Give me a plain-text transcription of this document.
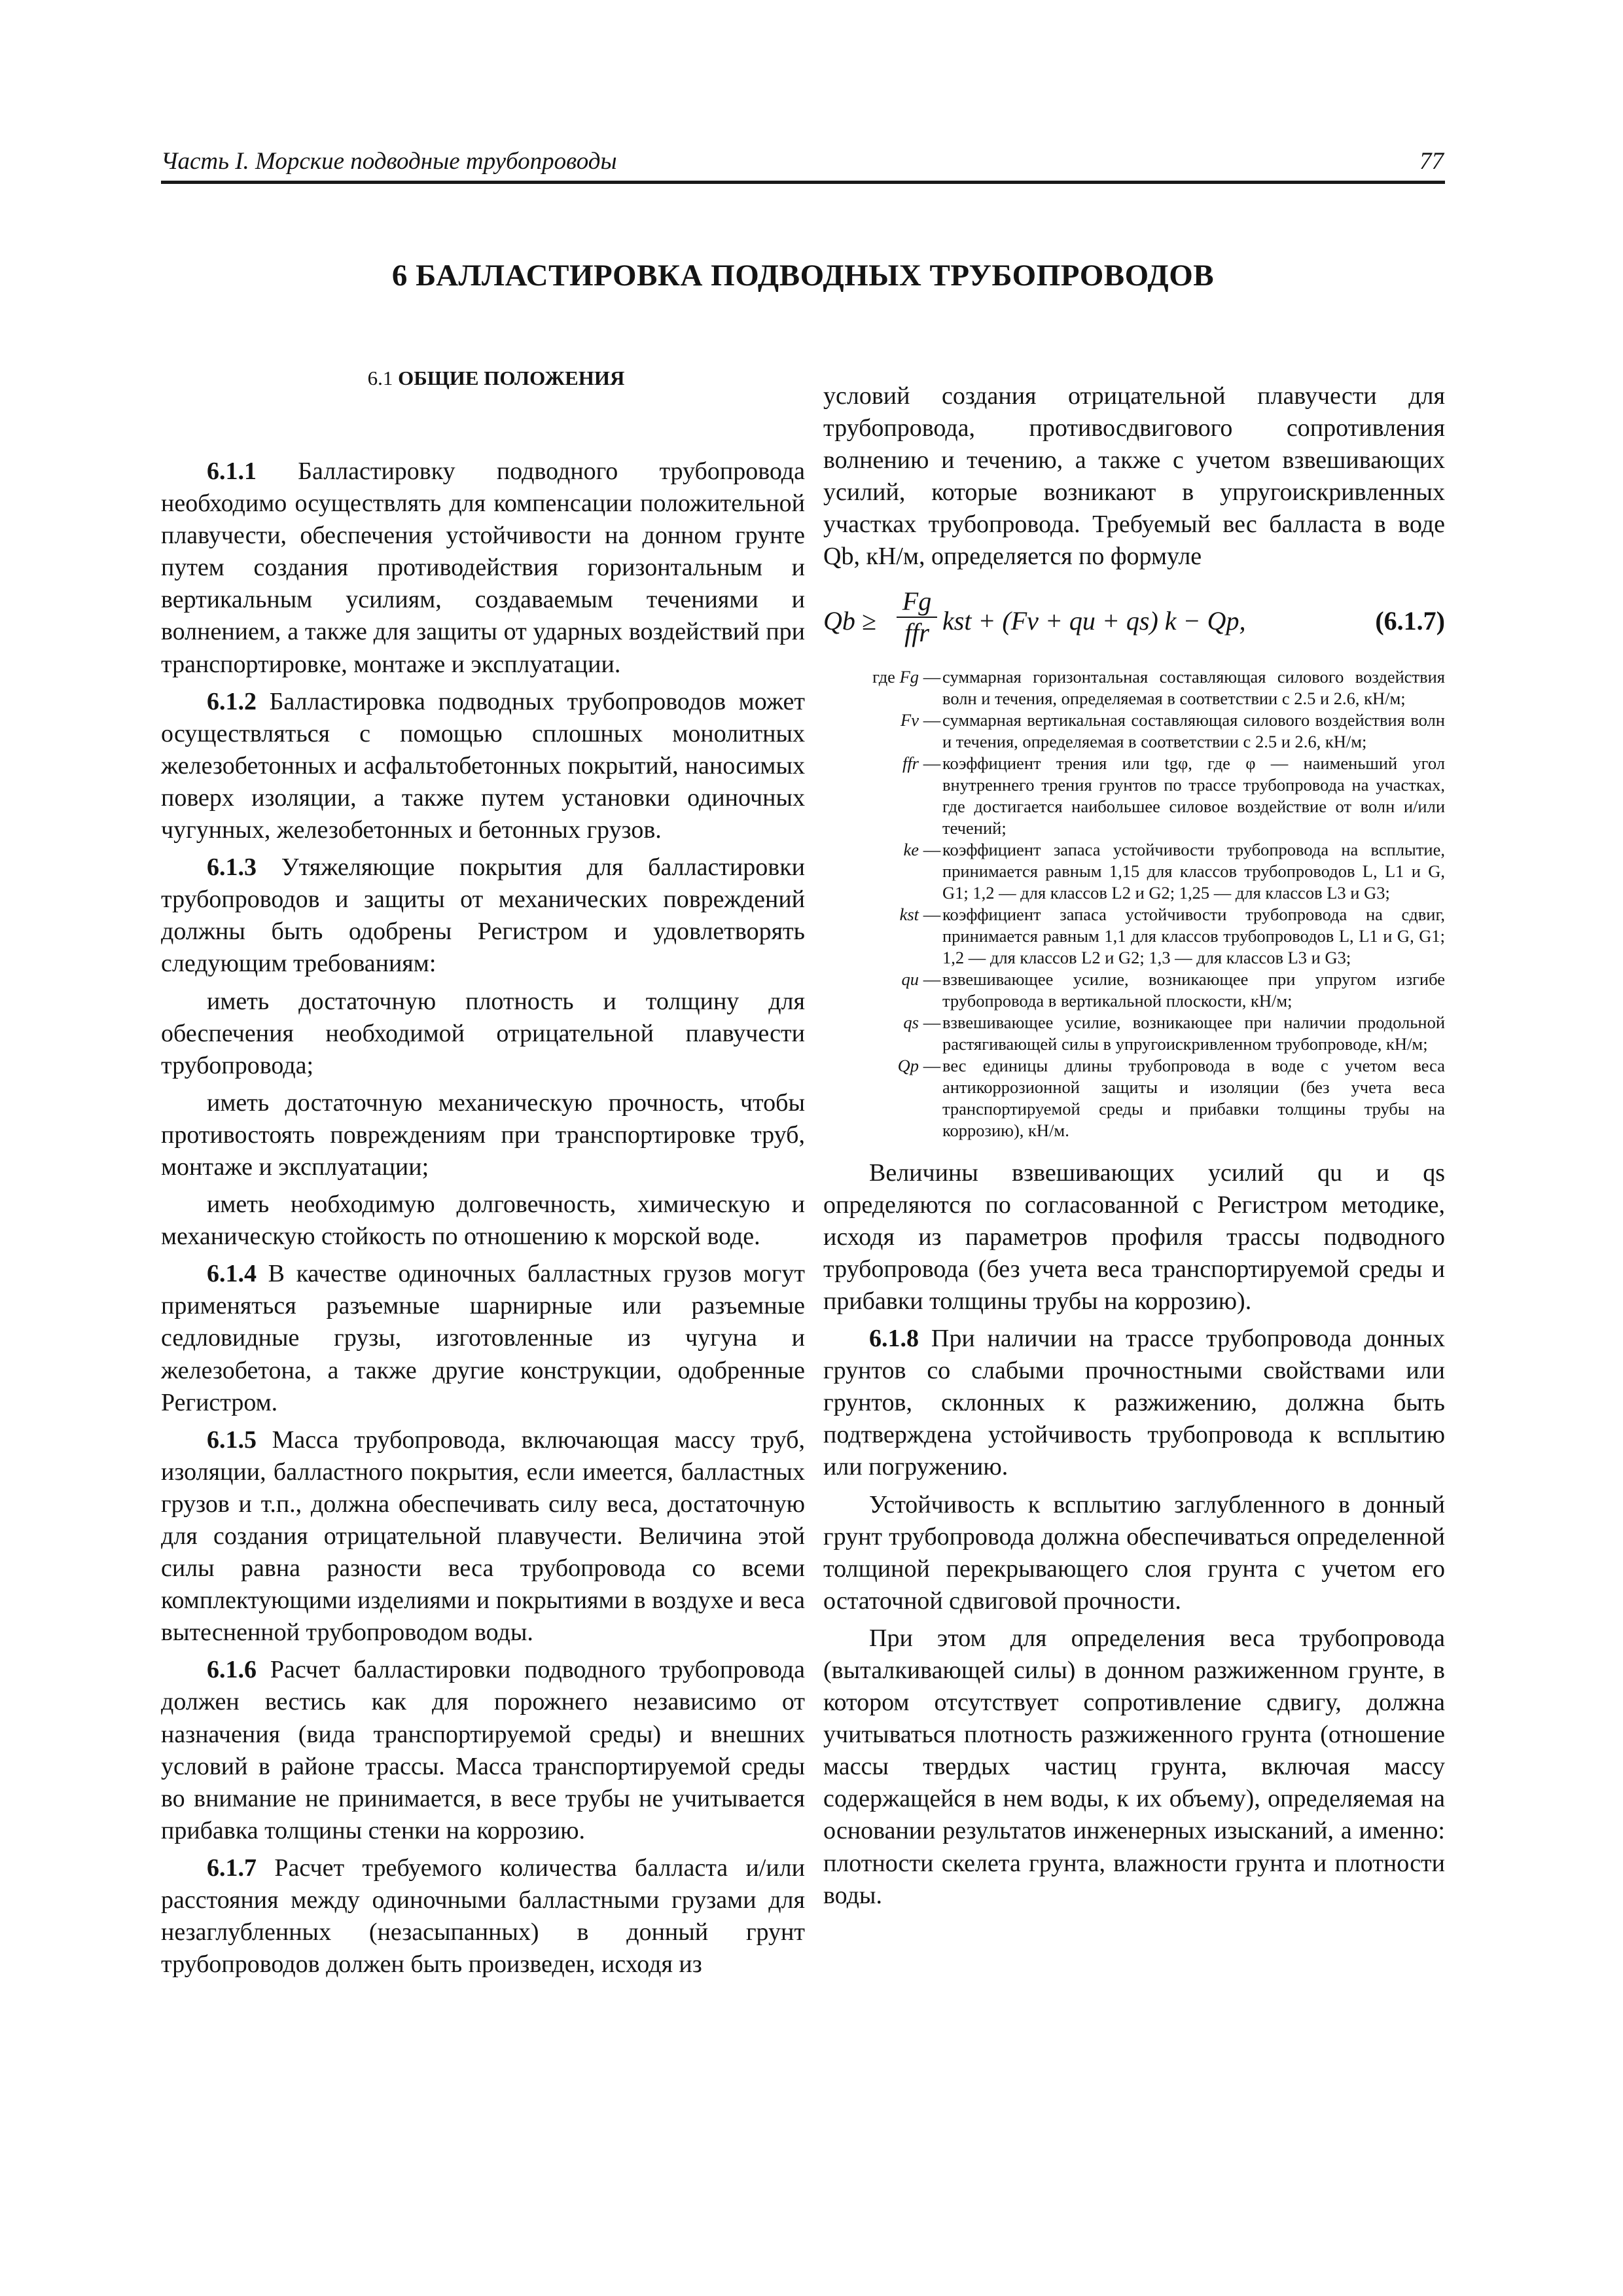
Часть I. Морские подводные трубопроводы	77
6 БАЛЛАСТИРОВКА ПОДВОДНЫХ ТРУБОПРОВОДОВ
6.1 ОБЩИЕ ПОЛОЖЕНИЯ

6.1.1 Балластировку подводного трубопровода необходимо осуществлять для компенсации положительной плавучести, обеспечения устойчивости на донном грунте путем создания противодействия горизонтальным и вертикальным усилиям, создаваемым течениями и волнением, а также для защиты от ударных воздействий при транспортировке, монтаже и эксплуатации.

6.1.2 Балластировка подводных трубопроводов может осуществляться с помощью сплошных монолитных железобетонных и асфальтобетонных покрытий, наносимых поверх изоляции, а также путем установки одиночных чугунных, железобетонных и бетонных грузов.

6.1.3 Утяжеляющие покрытия для балластировки трубопроводов и защиты от механических повреждений должны быть одобрены Регистром и удовлетворять следующим требованиям:

иметь достаточную плотность и толщину для обеспечения необходимой отрицательной плавучести трубопровода;

иметь достаточную механическую прочность, чтобы противостоять повреждениям при транспортировке труб, монтаже и эксплуатации;

иметь необходимую долговечность, химическую и механическую стойкость по отношению к морской воде.

6.1.4 В качестве одиночных балластных грузов могут применяться разъемные шарнирные или разъемные седловидные грузы, изготовленные из чугуна и железобетона, а также другие конструкции, одобренные Регистром.

6.1.5 Масса трубопровода, включающая массу труб, изоляции, балластного покрытия, если имеется, балластных грузов и т.п., должна обеспечивать силу веса, достаточную для создания отрицательной плавучести. Величина этой силы равна разности веса трубопровода со всеми комплектующими изделиями и покрытиями в воздухе и веса вытесненной трубопроводом воды.

6.1.6 Расчет балластировки подводного трубопровода должен вестись как для порожнего независимо от назначения (вида транспортируемой среды) и внешних условий в районе трассы. Масса транспортируемой среды во внимание не принимается, в весе трубы не учитывается прибавка толщины стенки на коррозию.

6.1.7 Расчет требуемого количества балласта и/или расстояния между одиночными балластными грузами для незаглубленных (незасыпанных) в донный грунт трубопроводов должен быть произведен, исходя из

условий создания отрицательной плавучести для трубопровода, противосдвигового сопротивления волнению и течению, а также с учетом взвешивающих усилий, которые возникают в упругоискривленных участках трубопровода. Требуемый вес балласта в воде Qb, кН/м, определяется по формуле

Qb ≥
Fg
ffr kst + (Fv + qu + qs) k − Qp,	(6.1.7)
где Fg — суммарная горизонтальная составляющая силового воздействия волн и течения, определяемая в соответствии с 2.5 и 2.6, кН/м;
Fv — суммарная вертикальная составляющая силового воздействия волн и течения, определяемая в соответствии с 2.5 и 2.6, кН/м;
ffr — коэффициент трения или tgφ, где φ — наименьший угол внутреннего трения грунтов по трассе трубопровода на участках, где достигается наибольшее силовое воздействие от волн и/или течений;
ke — коэффициент запаса устойчивости трубопровода на всплытие, принимается равным 1,15 для классов трубопроводов L, L1 и G, G1; 1,2 — для классов L2 и G2; 1,25 — для классов L3 и G3;
kst — коэффициент запаса устойчивости трубопровода на сдвиг, принимается равным 1,1 для классов трубопроводов L, L1 и G, G1; 1,2 — для классов L2 и G2; 1,3 — для классов L3 и G3;
qu — взвешивающее усилие, возникающее при упругом изгибе трубопровода в вертикальной плоскости, кН/м;
qs — взвешивающее усилие, возникающее при наличии продольной растягивающей силы в упругоискривленном трубопроводе, кН/м;
Qp — вес единицы длины трубопровода в воде с учетом веса антикоррозионной защиты и изоляции (без учета веса транспортируемой среды и прибавки толщины трубы на коррозию), кН/м.

Величины взвешивающих усилий qu и qs определяются по согласованной с Регистром методике, исходя из параметров профиля трассы подводного трубопровода (без учета веса транспортируемой среды и прибавки толщины трубы на коррозию).

6.1.8 При наличии на трассе трубопровода донных грунтов со слабыми прочностными свойствами или грунтов, склонных к разжижению, должна быть подтверждена устойчивость трубопровода к всплытию или погружению.

Устойчивость к всплытию заглубленного в донный грунт трубопровода должна обеспечиваться определенной толщиной перекрывающего слоя грунта с учетом его остаточной сдвиговой прочности.

При этом для определения веса трубопровода (выталкивающей силы) в донном разжиженном грунте, в котором отсутствует сопротивление сдвигу, должна учитываться плотность разжиженного грунта (отношение массы твердых частиц грунта, включая массу содержащейся в нем воды, к их объему), определяемая на основании результатов инженерных изысканий, а именно: плотности скелета грунта, влажности грунта и плотности воды.
